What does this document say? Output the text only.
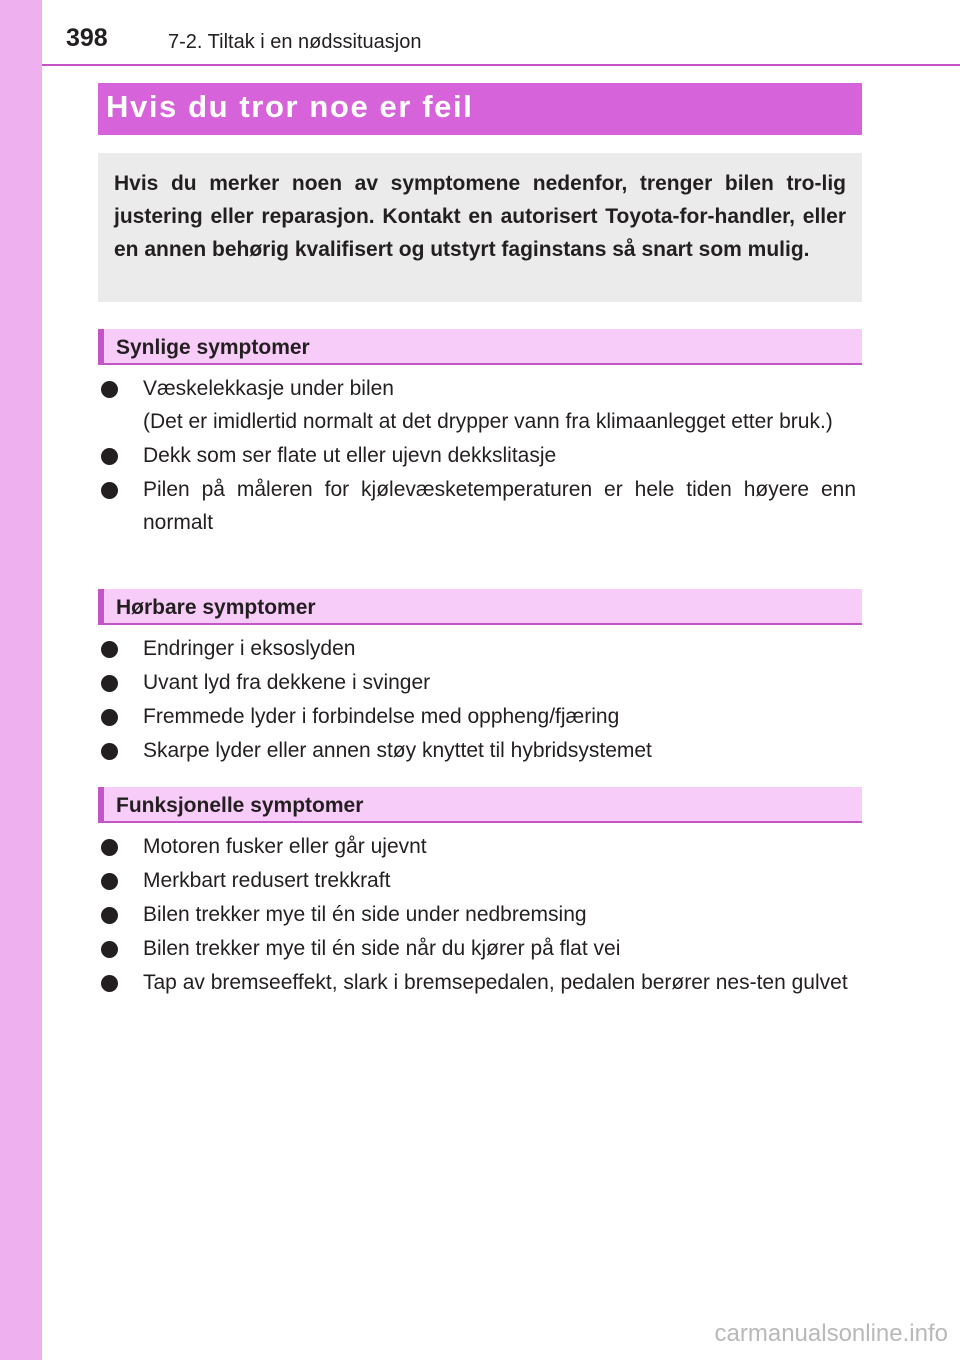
398	7-2. Tiltak i en nødssituasjon
Hvis du tror noe er feil

Hvis du merker noen av symptomene nedenfor, trenger bilen tro-lig justering eller reparasjon. Kontakt en autorisert Toyota-for-handler, eller en annen behørig kvalifisert og utstyrt faginstans så snart som mulig.

Synlige symptomer
Væskelekkasje under bilen
(Det er imidlertid normalt at det drypper vann fra klimaanlegget etter bruk.)
Dekk som ser flate ut eller ujevn dekkslitasje
Pilen på måleren for kjølevæsketemperaturen er hele tiden høyere enn normalt
Hørbare symptomer
Endringer i eksoslyden
Uvant lyd fra dekkene i svinger
Fremmede lyder i forbindelse med oppheng/fjæring
Skarpe lyder eller annen støy knyttet til hybridsystemet
Funksjonelle symptomer
Motoren fusker eller går ujevnt
Merkbart redusert trekkraft
Bilen trekker mye til én side under nedbremsing
Bilen trekker mye til én side når du kjører på flat vei
Tap av bremseeffekt, slark i bremsepedalen, pedalen berører nes-ten gulvet
carmanualsonline.info
